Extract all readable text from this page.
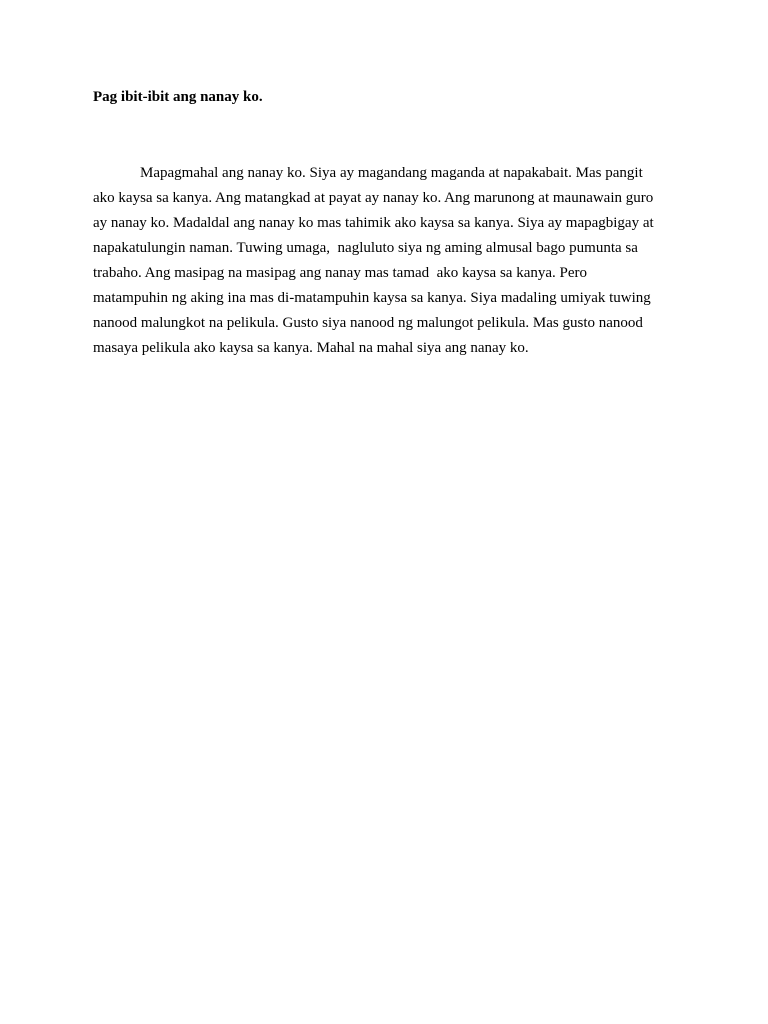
Pag ibit-ibit ang nanay ko.

Mapagmahal ang nanay ko. Siya ay magandang maganda at napakabait. Mas pangit
ako kaysa sa kanya. Ang matangkad at payat ay nanay ko. Ang marunong at maunawain guro
ay nanay ko. Madaldal ang nanay ko mas tahimik ako kaysa sa kanya. Siya ay mapagbigay at
napakatulungin naman. Tuwing umaga,  nagluluto siya ng aming almusal bago pumunta sa
trabaho. Ang masipag na masipag ang nanay mas tamad  ako kaysa sa kanya. Pero
matampuhin ng aking ina mas di-matampuhin kaysa sa kanya. Siya madaling umiyak tuwing
nanood malungkot na pelikula. Gusto siya nanood ng malungot pelikula. Mas gusto nanood
masaya pelikula ako kaysa sa kanya. Mahal na mahal siya ang nanay ko.
